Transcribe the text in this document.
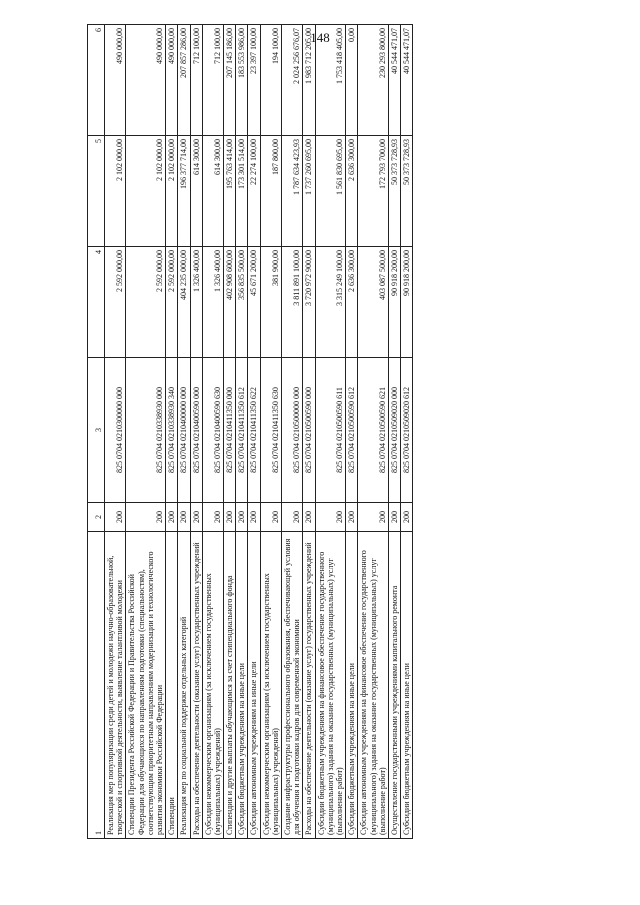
148
1	2	3	4	5	6
Реализация мер популяризации среди детей и молодежи научно-образовательной, творческой и спортивной деятельности, выявление талантливой молодежи	200	825 0704 0210300000 000	2 592 000,00	2 102 000,00	490 000,00
Стипендии Президента Российской Федерации и Правительства Российской Федерации для обучающихся по направлениям подготовки (специальностям), соответствующим приоритетным направлениям модернизации и технологического развития экономики Российской Федерации	200	825 0704 0210338930 000	2 592 000,00	2 102 000,00	490 000,00
Стипендии	200	825 0704 0210338930 340	2 592 000,00	2 102 000,00	490 000,00
Реализация мер по социальной поддержке отдельных категорий	200	825 0704 0210400000 000	404 235 000,00	196 377 714,00	207 857 286,00
Расходы на обеспечение деятельности (оказание услуг) государственных учреждений	200	825 0704 0210400590 000	1 326 400,00	614 300,00	712 100,00
Субсидии некоммерческим организациям (за исключением государственных (муниципальных) учреждений)	200	825 0704 0210400590 630	1 326 400,00	614 300,00	712 100,00
Стипендии и другие выплаты обучающимся за счет стипендиального фонда	200	825 0704 0210411350 000	402 908 600,00	195 763 414,00	207 145 186,00
Субсидии бюджетным учреждениям на иные цели	200	825 0704 0210411350 612	356 835 500,00	173 301 514,00	183 553 986,00
Субсидии автономным учреждениям на иные цели	200	825 0704 0210411350 622	45 671 200,00	22 274 100,00	23 397 100,00
Субсидии некоммерческим организациям (за исключением государственных (муниципальных) учреждений)	200	825 0704 0210411350 630	381 900,00	187 800,00	194 100,00
Создание инфраструктуры профессионального образования, обеспечивающей условия для обучения и подготовки кадров для современной экономики	200	825 0704 0210500000 000	3 811 891 100,00	1 787 634 423,93	2 024 256 676,07
Расходы на обеспечение деятельности (оказание услуг) государственных учреждений	200	825 0704 0210500590 000	3 720 972 900,00	1 737 260 695,00	1 983 712 205,00
Субсидии бюджетным учреждениям на финансовое обеспечение государственного (муниципального) задания на оказание государственных (муниципальных) услуг (выполнение работ)	200	825 0704 0210500590 611	3 315 249 100,00	1 561 830 695,00	1 753 418 405,00
Субсидии бюджетным учреждениям на иные цели	200	825 0704 0210500590 612	2 636 300,00	2 636 300,00	0,00
Субсидии автономным учреждениям на финансовое обеспечение государственного (муниципального) задания на оказание государственных (муниципальных) услуг (выполнение работ)	200	825 0704 0210500590 621	403 087 500,00	172 793 700,00	230 293 800,00
Осуществление государственными учреждениями капитального ремонта	200	825 0704 0210509020 000	90 918 200,00	50 373 728,93	40 544 471,07
Субсидии бюджетным учреждениям на иные цели	200	825 0704 0210509020 612	90 918 200,00	50 373 728,93	40 544 471,07
